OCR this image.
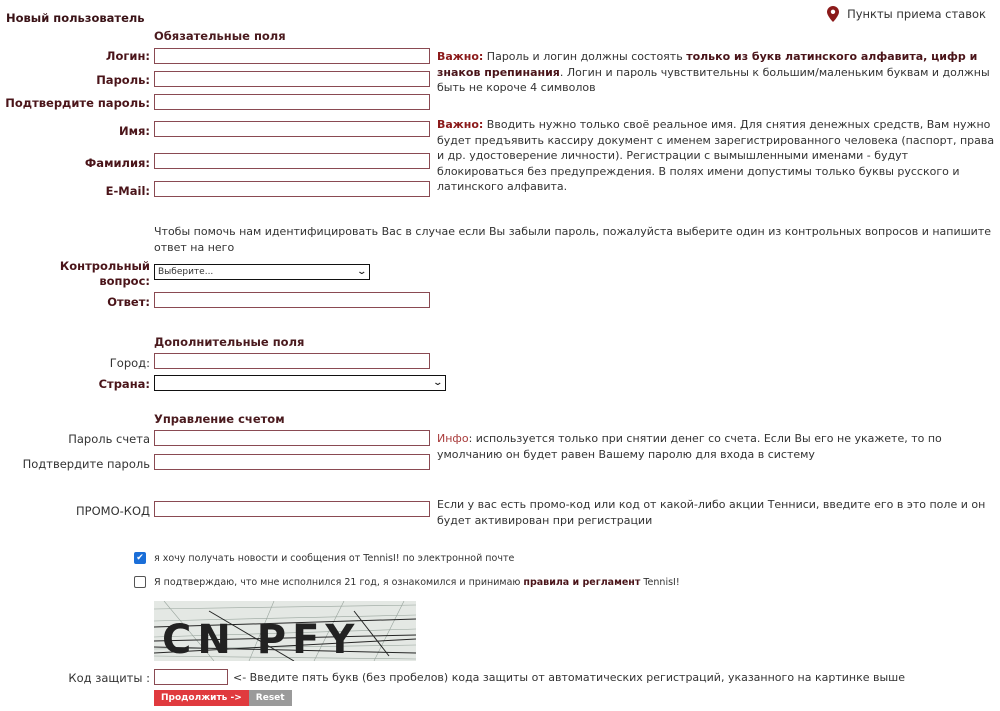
Новый пользователь	Пункты приема ставок
Обязательные поля
Логин:
Пароль:
Подтвердите пароль:
Важно: Пароль и логин должны состоять только из букв латинского алфавита, цифр и знаков препинания. Логин и пароль чувствительны к большим/маленьким буквам и должны быть не короче 4 символов
Имя:
Фамилия:
E-Mail:
Важно: Вводить нужно только своё реальное имя. Для снятия денежных средств, Вам нужно будет предъявить кассиру документ с именем зарегистрированного человека (паспорт, права и др. удостоверение личности). Регистрации с вымышленными именами - будут блокироваться без предупреждения. В полях имени допустимы только буквы русского и латинского алфавита.
Чтобы помочь нам идентифицировать Вас в случае если Вы забыли пароль, пожалуйста выберите один из контрольных вопросов и напишите ответ на него
Контрольный
вопрос:
Выберите...	⌄
Ответ:
Дополнительные поля
Город:
Страна:	⌄
Управление счетом
Пароль счета
Подтвердите пароль
Инфо: используется только при снятии денег со счета. Если Вы его не укажете, то по умолчанию он будет равен Вашему паролю для входа в систему
ПРОМО-КОД	Если у вас есть промо-код или код от какой-либо акции Тенниси, введите его в это поле и он будет активирован при регистрации
✔ я хочу получать новости и сообщения от TennisI! по электронной почте
Я подтверждаю, что мне исполнился 21 год, я ознакомился и принимаю правила и регламент TennisI!
CN PFY
Код защиты :	<- Введите пять букв (без пробелов) кода защиты от автоматических регистраций, указанного на картинке выше
Продолжить ->	Reset
